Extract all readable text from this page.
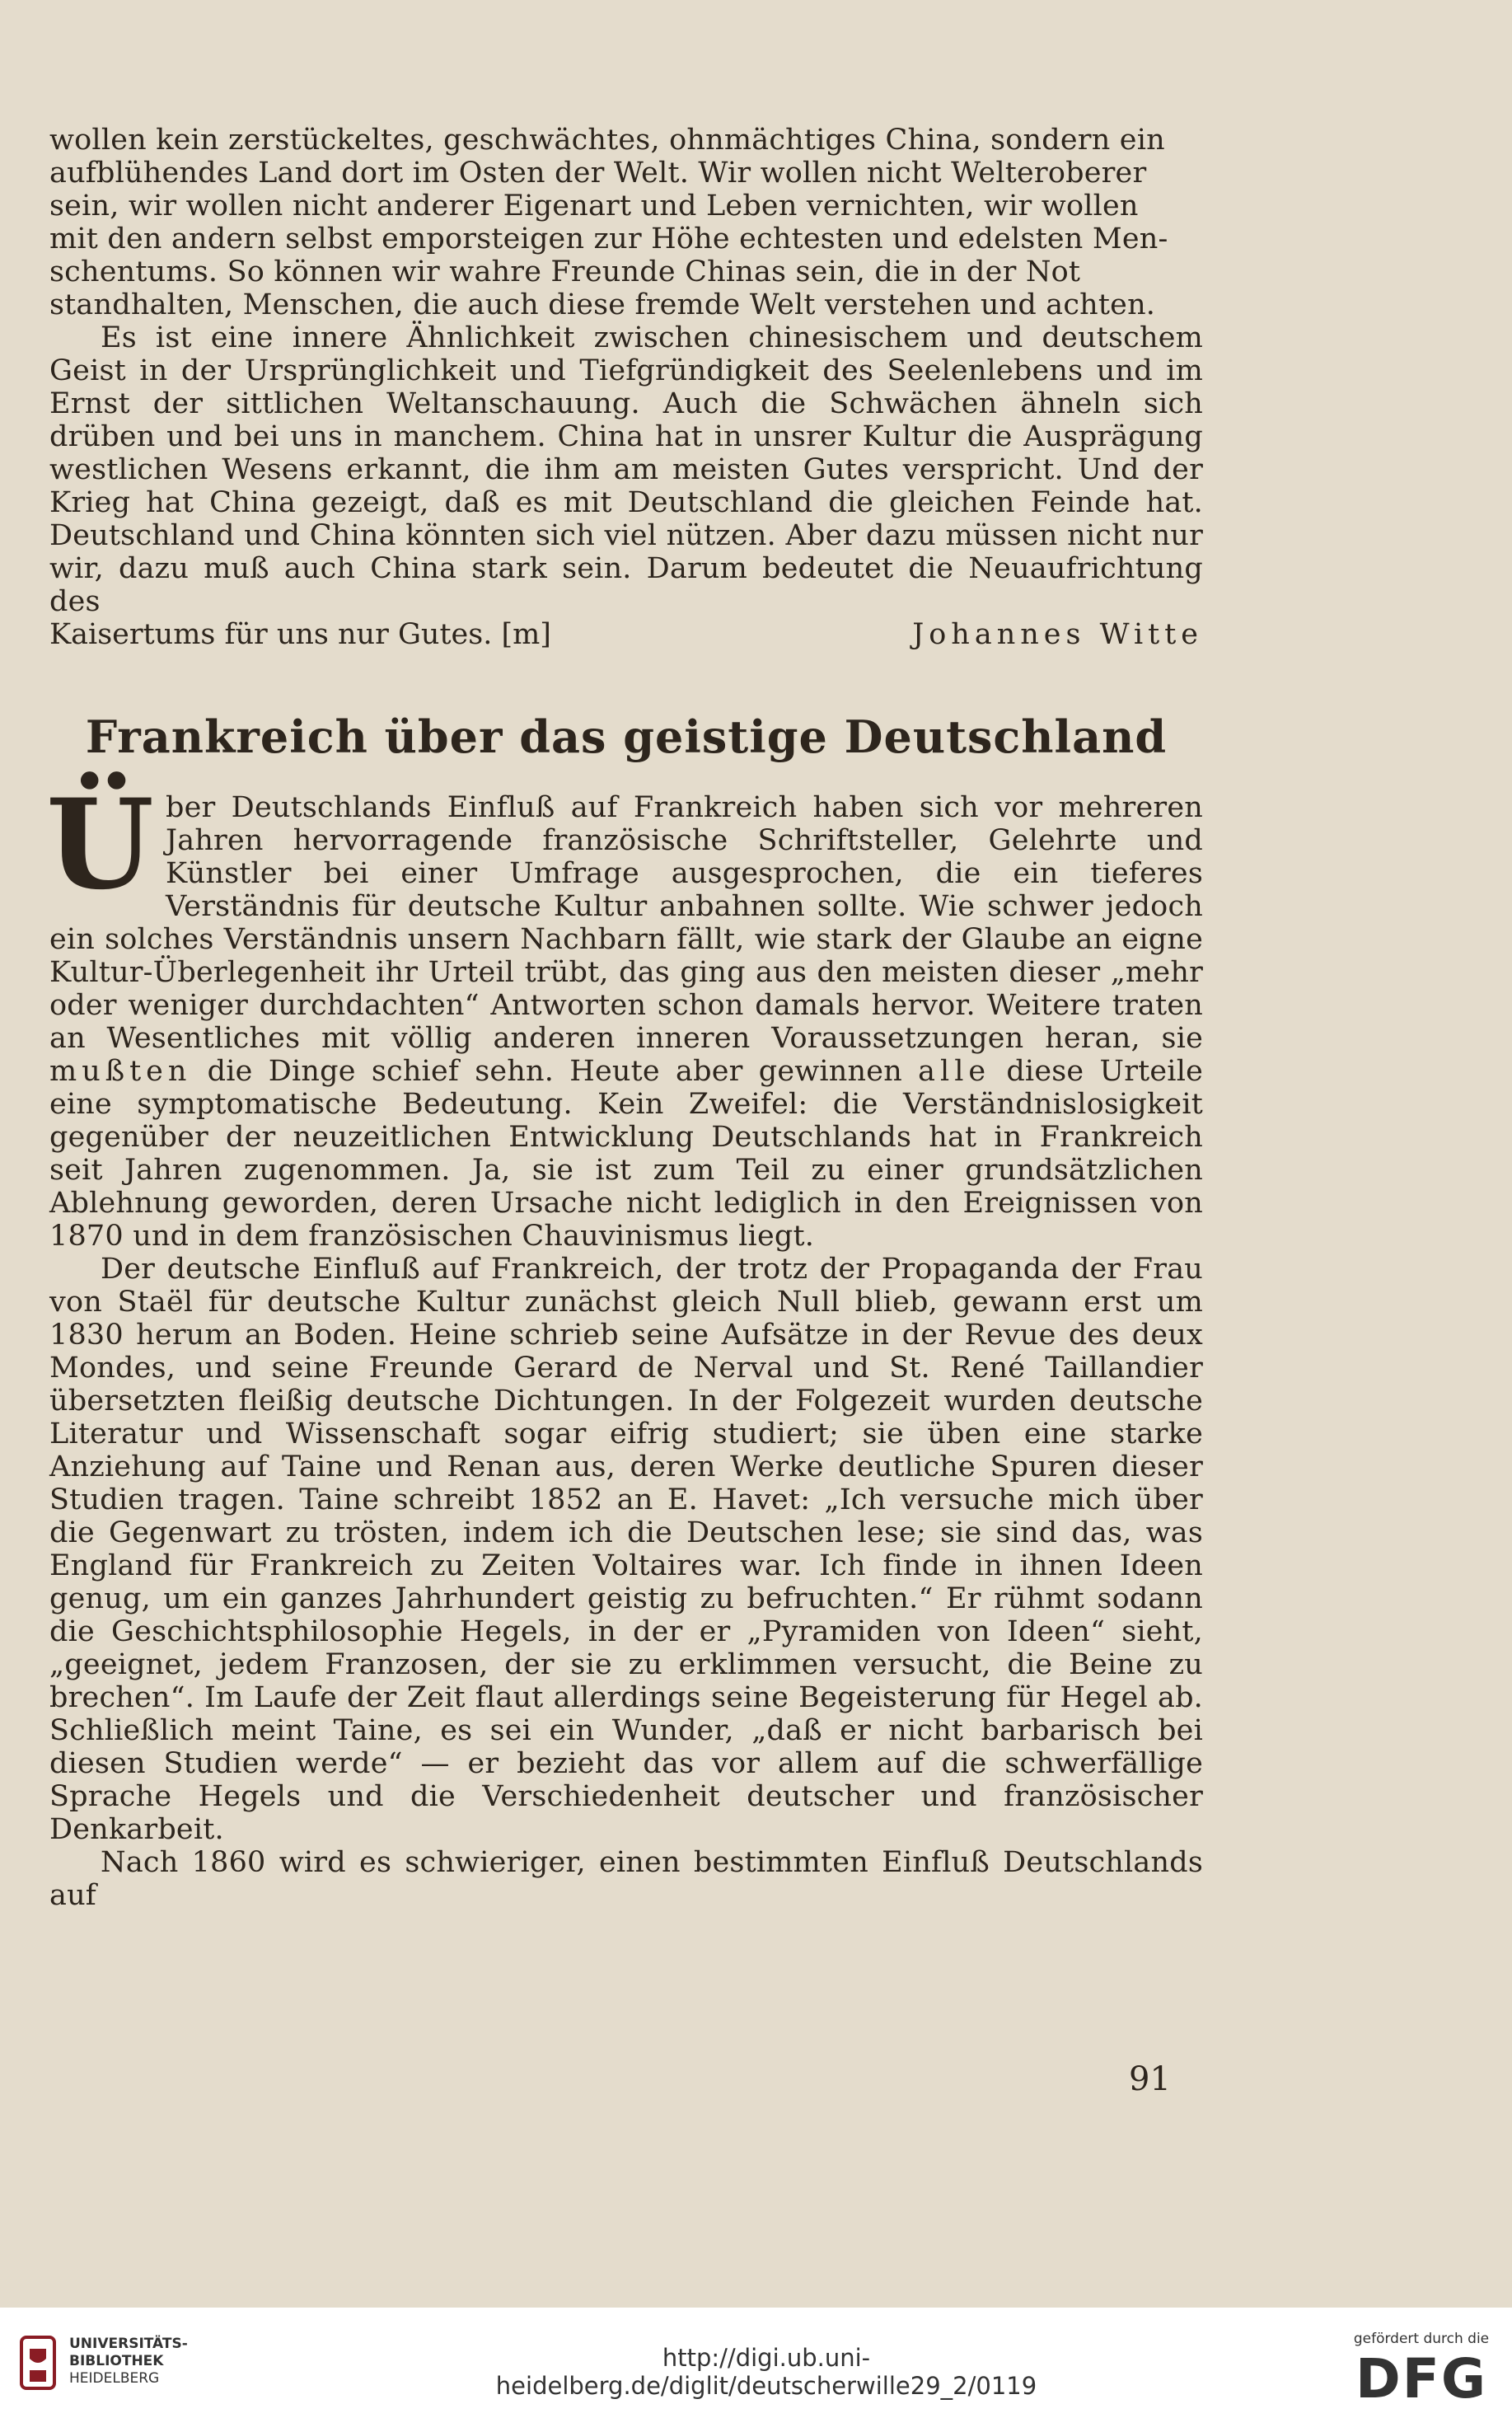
wollen kein zerstückeltes, geschwächtes, ohnmächtiges China, sondern ein

aufblühendes Land dort im Osten der Welt. Wir wollen nicht Welteroberer

sein, wir wollen nicht anderer Eigenart und Leben vernichten, wir wollen

mit den andern selbst emporsteigen zur Höhe echtesten und edelsten Men-

schentums. So können wir wahre Freunde Chinas sein, die in der Not

standhalten, Menschen, die auch diese fremde Welt verstehen und achten.

Es ist eine innere Ähnlichkeit zwischen chinesischem und deutschem Geist in der Ursprünglichkeit und Tiefgründigkeit des Seelenlebens und im Ernst der sittlichen Weltanschauung. Auch die Schwächen ähneln sich drüben und bei uns in manchem. China hat in unsrer Kultur die Ausprägung westlichen Wesens erkannt, die ihm am meisten Gutes verspricht. Und der Krieg hat China gezeigt, daß es mit Deutschland die gleichen Feinde hat. Deutschland und China könnten sich viel nützen. Aber dazu müssen nicht nur wir, dazu muß auch China stark sein. Darum bedeutet die Neuaufrichtung des

Kaisertums für uns nur Gutes. [m]	Johannes Witte
Frankreich über das geistige Deutschland

Über Deutschlands Einfluß auf Frankreich haben sich vor mehreren Jahren hervorragende französische Schriftsteller, Gelehrte und Künstler bei einer Umfrage ausgesprochen, die ein tieferes Verständnis für deutsche Kultur anbahnen sollte. Wie schwer jedoch ein solches Verständnis unsern Nachbarn fällt, wie stark der Glaube an eigne Kultur-Überlegenheit ihr Urteil trübt, das ging aus den meisten dieser „mehr oder weniger durchdachten“ Antworten schon damals hervor. Weitere traten an Wesentliches mit völlig anderen inneren Voraussetzungen heran, sie mußten die Dinge schief sehn. Heute aber gewinnen alle diese Urteile eine symptomatische Bedeutung. Kein Zweifel: die Verständnislosigkeit gegenüber der neuzeitlichen Entwicklung Deutschlands hat in Frankreich seit Jahren zugenommen. Ja, sie ist zum Teil zu einer grundsätzlichen Ablehnung geworden, deren Ursache nicht lediglich in den Ereignissen von 1870 und in dem französischen Chauvinismus liegt.

Der deutsche Einfluß auf Frankreich, der trotz der Propaganda der Frau von Staël für deutsche Kultur zunächst gleich Null blieb, gewann erst um 1830 herum an Boden. Heine schrieb seine Aufsätze in der Revue des deux Mondes, und seine Freunde Gerard de Nerval und St. René Taillandier übersetzten fleißig deutsche Dichtungen. In der Folgezeit wurden deutsche Literatur und Wissenschaft sogar eifrig studiert; sie üben eine starke Anziehung auf Taine und Renan aus, deren Werke deutliche Spuren dieser Studien tragen. Taine schreibt 1852 an E. Havet: „Ich versuche mich über die Gegenwart zu trösten, indem ich die Deutschen lese; sie sind das, was England für Frankreich zu Zeiten Voltaires war. Ich finde in ihnen Ideen genug, um ein ganzes Jahrhundert geistig zu befruchten.“ Er rühmt sodann die Geschichtsphilosophie Hegels, in der er „Pyramiden von Ideen“ sieht, „geeignet, jedem Franzosen, der sie zu erklimmen versucht, die Beine zu brechen“. Im Laufe der Zeit flaut allerdings seine Begeisterung für Hegel ab. Schließlich meint Taine, es sei ein Wunder, „daß er nicht barbarisch bei diesen Studien werde“ — er bezieht das vor allem auf die schwerfällige Sprache Hegels und die Verschiedenheit deutscher und französischer Denkarbeit.

Nach 1860 wird es schwieriger, einen bestimmten Einfluß Deutschlands auf

91
UNIVERSITÄTS-
BIBLIOTHEK
HEIDELBERG
http://digi.ub.uni-heidelberg.de/diglit/deutscherwille29_2/0119
gefördert durch die
DFG
